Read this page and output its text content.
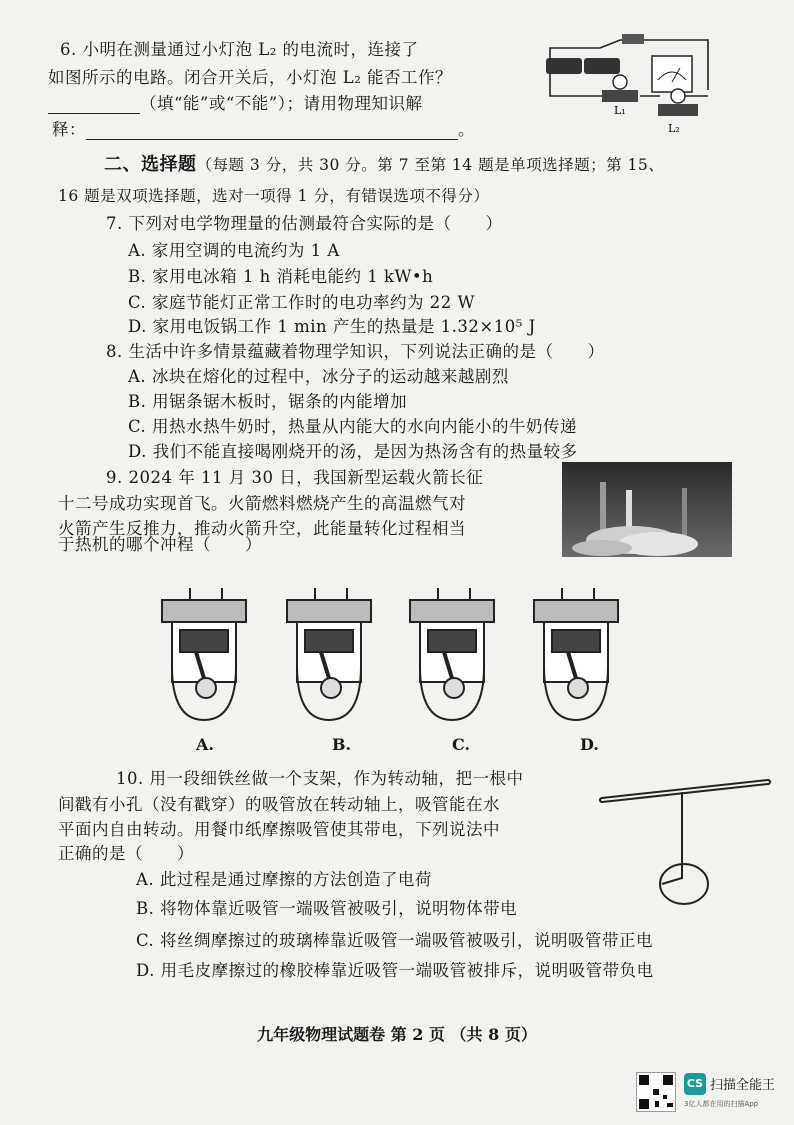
6. 小明在测量通过小灯泡 L₂ 的电流时，连接了
如图所示的电路。闭合开关后，小灯泡 L₂ 能否工作？
（填“能”或“不能”）；请用物理知识解
释：	。
L₁
L₂
二、选择题（每题 3 分，共 30 分。第 7 至第 14 题是单项选择题；第 15、
16 题是双项选择题，选对一项得 1 分，有错误选项不得分）
7. 下列对电学物理量的估测最符合实际的是（　　）
A. 家用空调的电流约为 1 A
B. 家用电冰箱 1 h 消耗电能约 1 kW•h
C. 家庭节能灯正常工作时的电功率约为 22 W
D. 家用电饭锅工作 1 min 产生的热量是 1.32×10⁵ J
8. 生活中许多情景蕴藏着物理学知识，下列说法正确的是（　　）
A. 冰块在熔化的过程中，冰分子的运动越来越剧烈
B. 用锯条锯木板时，锯条的内能增加
C. 用热水热牛奶时，热量从内能大的水向内能小的牛奶传递
D. 我们不能直接喝刚烧开的汤，是因为热汤含有的热量较多
9. 2024 年 11 月 30 日，我国新型运载火箭长征
十二号成功实现首飞。火箭燃料燃烧产生的高温燃气对
火箭产生反推力，推动火箭升空，此能量转化过程相当
于热机的哪个冲程（　　）
A.	B.	C.	D.
10. 用一段细铁丝做一个支架，作为转动轴，把一根中
间戳有小孔（没有戳穿）的吸管放在转动轴上，吸管能在水
平面内自由转动。用餐巾纸摩擦吸管使其带电，下列说法中
正确的是（　　）
A. 此过程是通过摩擦的方法创造了电荷
B. 将物体靠近吸管一端吸管被吸引，说明物体带电
C. 将丝绸摩擦过的玻璃棒靠近吸管一端吸管被吸引，说明吸管带正电
D. 用毛皮摩擦过的橡胶棒靠近吸管一端吸管被排斥，说明吸管带负电
九年级物理试题卷 第 2 页 （共 8 页）
CS 扫描全能王
3亿人都在用的扫描App
